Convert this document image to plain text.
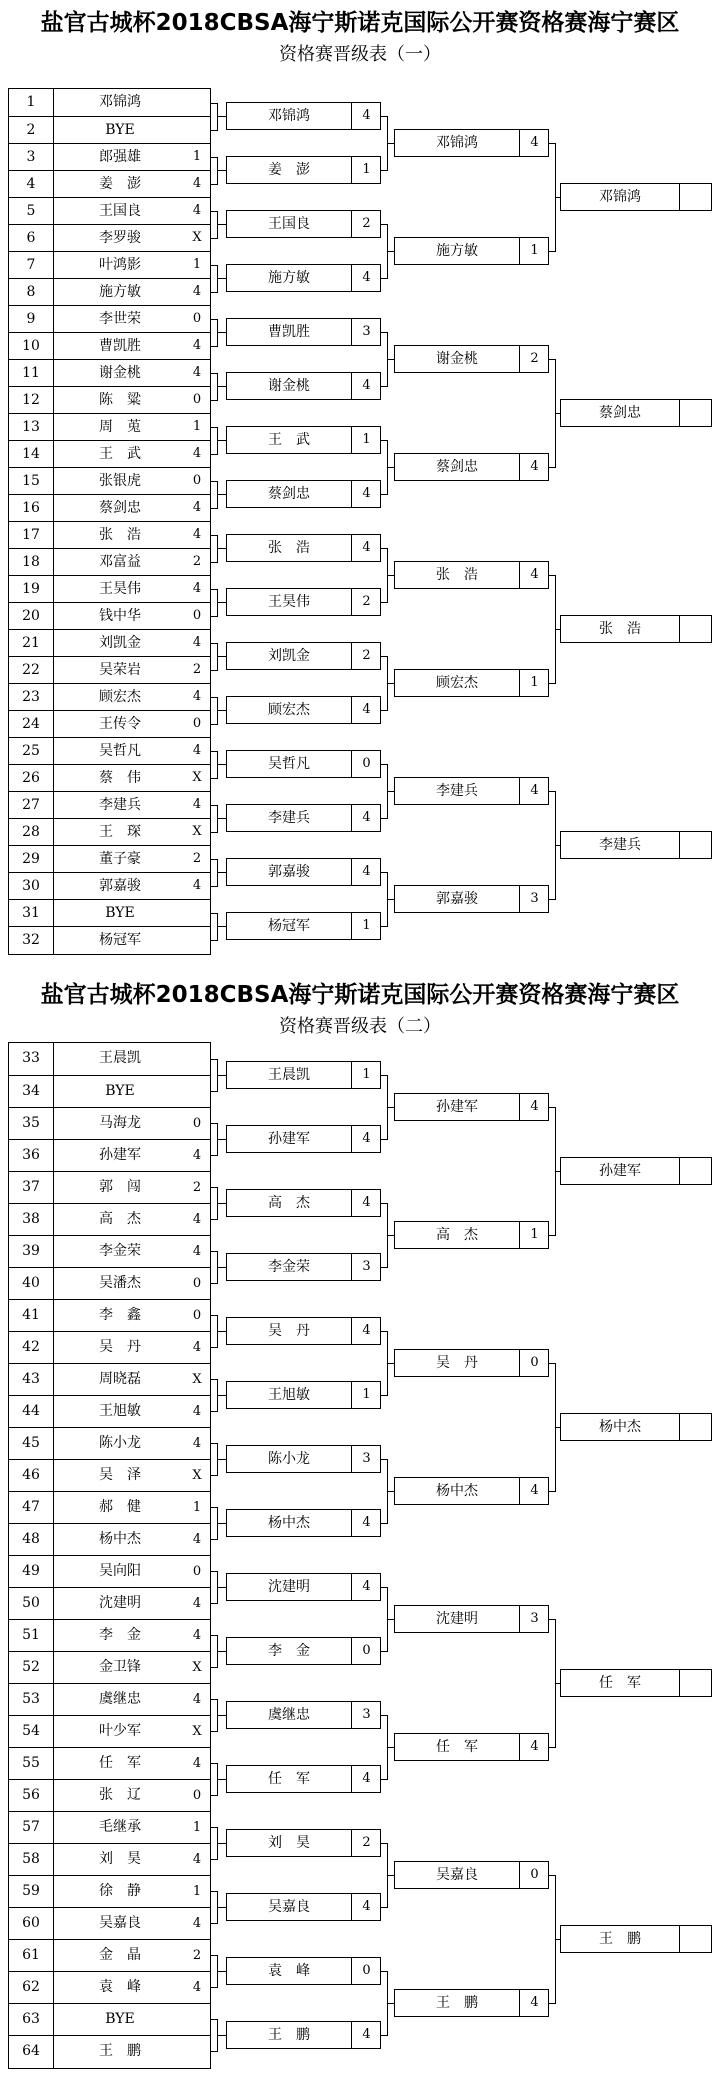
盐官古城杯2018CBSA海宁斯诺克国际公开赛资格赛海宁赛区
资格赛晋级表（一）
1	邓锦鸿
2	BYE
3	郎强雄	1
4	姜　澎	4
5	王国良	4
6	李罗骏	X
7	叶鸿影	1
8	施方敏	4
9	李世荣	0
10	曹凯胜	4
11	谢金桃	4
12	陈　粱	0
13	周　莵	1
14	王　武	4
15	张银虎	0
16	蔡剑忠	4
17	张　浩	4
18	邓富益	2
19	王昊伟	4
20	钱中华	0
21	刘凯金	4
22	吴荣岩	2
23	顾宏杰	4
24	王传令	0
25	吴哲凡	4
26	蔡　伟	X
27	李建兵	4
28	王　琛	X
29	董子豪	2
30	郭嘉骏	4
31	BYE
32	杨冠军
邓锦鸿	4
姜　澎	1
王国良	2
施方敏	4
曹凯胜	3
谢金桃	4
王　武	1
蔡剑忠	4
张　浩	4
王昊伟	2
刘凯金	2
顾宏杰	4
吴哲凡	0
李建兵	4
郭嘉骏	4
杨冠军	1
邓锦鸿	4
施方敏	1
谢金桃	2
蔡剑忠	4
张　浩	4
顾宏杰	1
李建兵	4
郭嘉骏	3
邓锦鸿
蔡剑忠
张　浩
李建兵
盐官古城杯2018CBSA海宁斯诺克国际公开赛资格赛海宁赛区
资格赛晋级表（二）
33	王晨凯
34	BYE
35	马海龙	0
36	孙建军	4
37	郭　闯	2
38	高　杰	4
39	李金荣	4
40	吴潘杰	0
41	李　鑫	0
42	吴　丹	4
43	周晓磊	X
44	王旭敏	4
45	陈小龙	4
46	吴　泽	X
47	郝　健	1
48	杨中杰	4
49	吴向阳	0
50	沈建明	4
51	李　金	4
52	金卫锋	X
53	虞继忠	4
54	叶少军	X
55	任　军	4
56	张　辽	0
57	毛继承	1
58	刘　昊	4
59	徐　静	1
60	吴嘉良	4
61	金　晶	2
62	袁　峰	4
63	BYE
64	王　鹏
王晨凯	1
孙建军	4
高　杰	4
李金荣	3
吴　丹	4
王旭敏	1
陈小龙	3
杨中杰	4
沈建明	4
李　金	0
虞继忠	3
任　军	4
刘　昊	2
吴嘉良	4
袁　峰	0
王　鹏	4
孙建军	4
高　杰	1
吴　丹	0
杨中杰	4
沈建明	3
任　军	4
吴嘉良	0
王　鹏	4
孙建军
杨中杰
任　军
王　鹏
